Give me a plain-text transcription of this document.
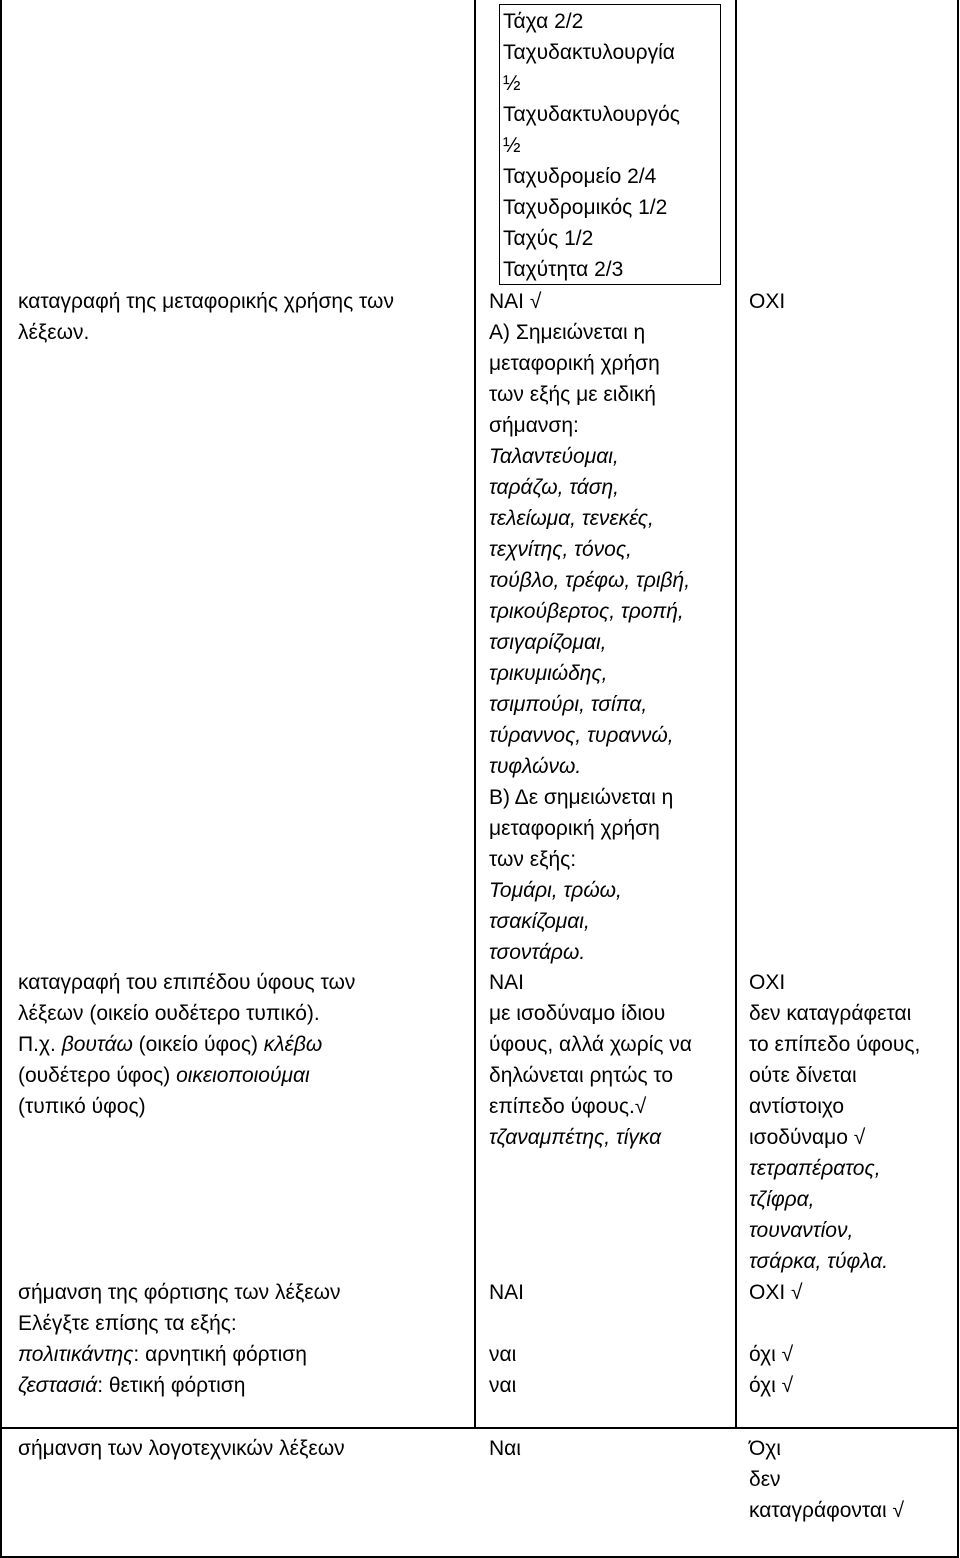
Τάχα 2/2
Ταχυδακτυλουργία
½
Ταχυδακτυλουργός
½
Ταχυδρομείο 2/4
Ταχυδρομικός 1/2
Ταχύς 1/2
Ταχύτητα 2/3
καταγραφή της μεταφορικής χρήσης των
λέξεων.
ΝΑΙ √
Α) Σημειώνεται η
μεταφορική χρήση
των εξής με ειδική
σήμανση:
Ταλαντεύομαι,
ταράζω, τάση,
τελείωμα, τενεκές,
τεχνίτης, τόνος,
τούβλο, τρέφω, τριβή,
τρικούβερτος, τροπή,
τσιγαρίζομαι,
τρικυμιώδης,
τσιμπούρι, τσίπα,
τύραννος, τυραννώ,
τυφλώνω.
Β) Δε σημειώνεται η
μεταφορική χρήση
των εξής:
Τομάρι, τρώω,
τσακίζομαι,
τσοντάρω.
ΟΧΙ
καταγραφή του επιπέδου ύφους των
λέξεων (οικείο ουδέτερο τυπικό).
Π.χ. βουτάω (οικείο ύφος) κλέβω
(ουδέτερο ύφος) οικειοποιούμαι
(τυπικό ύφος)
ΝΑΙ
με ισοδύναμο ίδιου
ύφους, αλλά χωρίς να
δηλώνεται ρητώς το
επίπεδο ύφους.√
τζαναμπέτης, τίγκα
ΟΧΙ
δεν καταγράφεται
το επίπεδο ύφους,
ούτε δίνεται
αντίστοιχο
ισοδύναμο √
τετραπέρατος,
τζίφρα,
τουναντίον,
τσάρκα, τύφλα.
σήμανση της φόρτισης των λέξεων
Ελέγξτε επίσης τα εξής:
πολιτικάντης: αρνητική φόρτιση
ζεστασιά: θετική φόρτιση
ΝΑΙ
ναι
ναι
ΟΧΙ √
όχι √
όχι √
σήμανση των λογοτεχνικών λέξεων	Ναι	Όχι
δεν
καταγράφονται √
